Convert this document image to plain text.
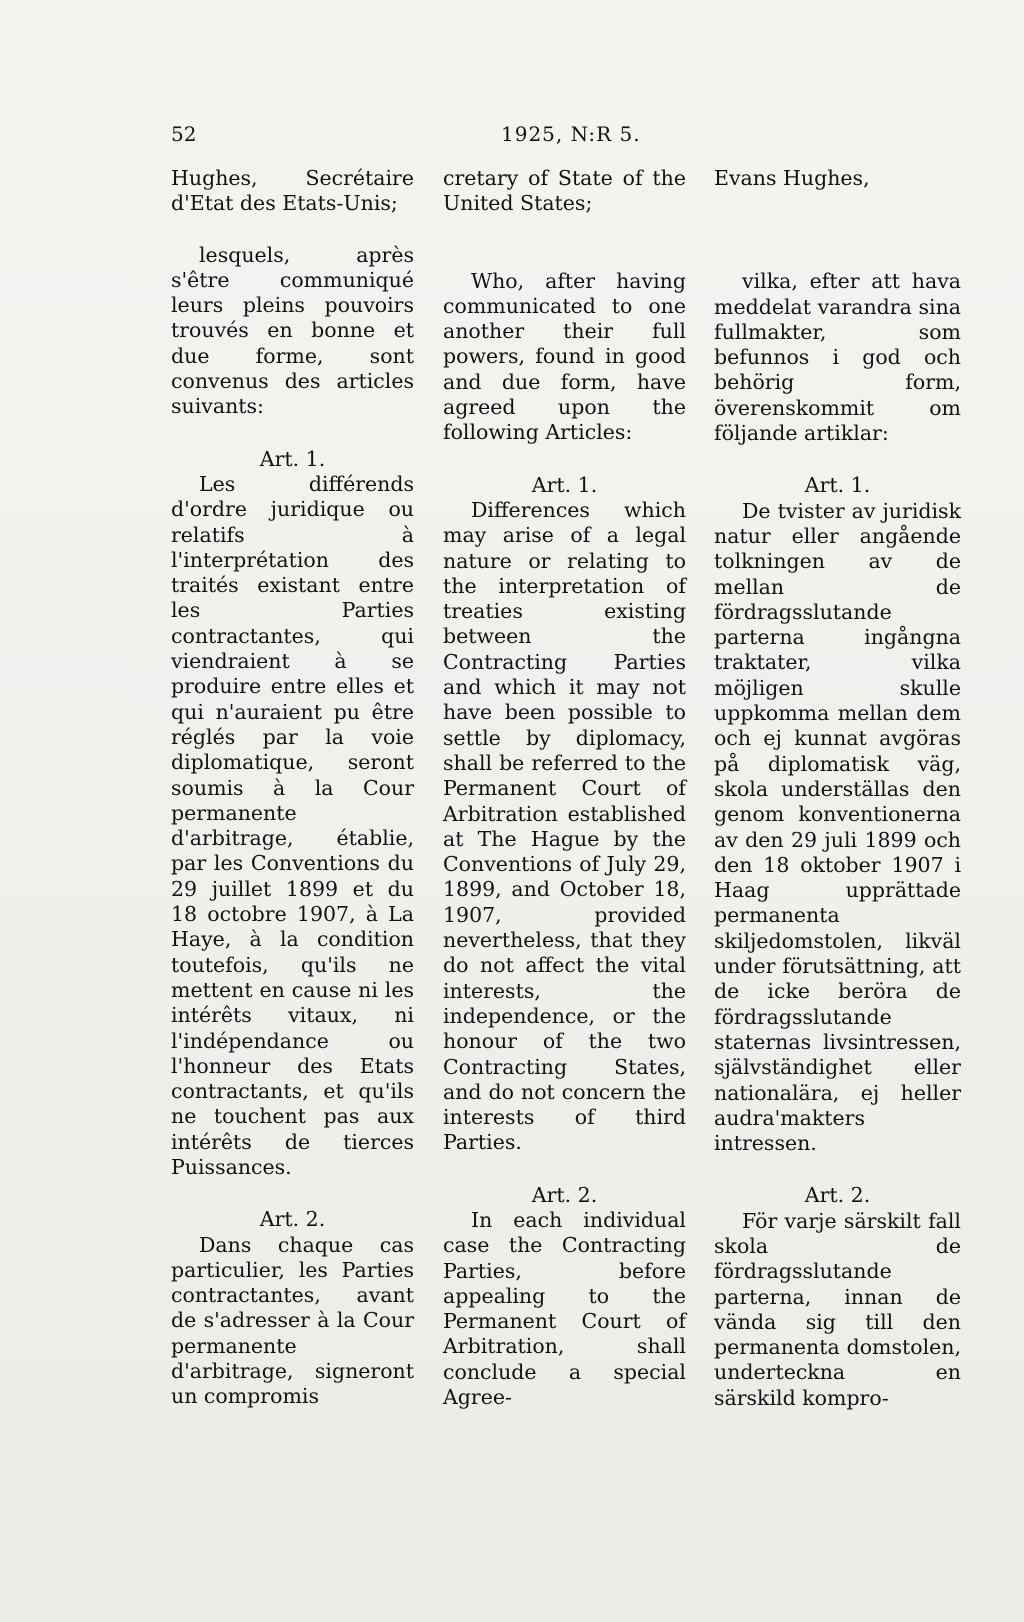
52	1925, N:R 5.

Hughes, Secrétaire d'Etat des Etats-Unis;

lesquels, après s'être communiqué leurs pleins pouvoirs trouvés en bonne et due forme, sont convenus des articles suivants:

Art. 1.

Les différends d'ordre juridique ou relatifs à l'interprétation des traités existant entre les Parties contractantes, qui viendraient à se produire entre elles et qui n'auraient pu être réglés par la voie diplomatique, seront soumis à la Cour permanente d'arbitrage, établie, par les Conventions du 29 juillet 1899 et du 18 octobre 1907, à La Haye, à la condition toutefois, qu'ils ne mettent en cause ni les intérêts vitaux, ni l'indépendance ou l'honneur des Etats contractants, et qu'ils ne touchent pas aux intérêts de tierces Puissances.

Art. 2.

Dans chaque cas particulier, les Parties contractantes, avant de s'adresser à la Cour permanente d'arbitrage, signeront un compromis

cretary of State of the United States;

Who, after having communicated to one another their full powers, found in good and due form, have agreed upon the following Articles:

Art. 1.

Differences which may arise of a legal nature or relating to the interpretation of treaties existing between the Contracting Parties and which it may not have been possible to settle by diplomacy, shall be referred to the Permanent Court of Arbitration established at The Hague by the Conventions of July 29, 1899, and October 18, 1907, provided nevertheless, that they do not affect the vital interests, the independence, or the honour of the two Contracting States, and do not concern the interests of third Parties.

Art. 2.

In each individual case the Contracting Parties, before appealing to the Permanent Court of Arbitration, shall conclude a special Agree-

Evans Hughes,

vilka, efter att hava meddelat varandra sina fullmakter, som befunnos i god och behörig form, överenskommit om följande artiklar:

Art. 1.

De tvister av juridisk natur eller angående tolkningen av de mellan de fördragsslutande parterna ingångna traktater, vilka möjligen skulle uppkomma mellan dem och ej kunnat avgöras på diplomatisk väg, skola underställas den genom konventionerna av den 29 juli 1899 och den 18 oktober 1907 i Haag upprättade permanenta skiljedomstolen, likväl under förutsättning, att de icke beröra de fördragsslutande staternas livsintressen, självständighet eller nationalära, ej heller audra'makters intressen.

Art. 2.

För varje särskilt fall skola de fördragsslutande parterna, innan de vända sig till den permanenta domstolen, underteckna en särskild kompro-
